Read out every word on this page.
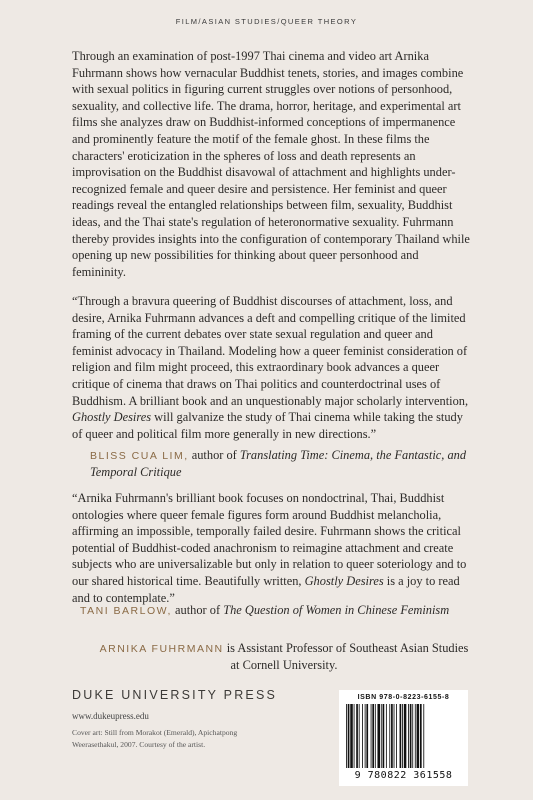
FILM/ASIAN STUDIES/QUEER THEORY

Through an examination of post-1997 Thai cinema and video art Arnika Fuhrmann shows how vernacular Buddhist tenets, stories, and images combine with sexual politics in figuring current struggles over notions of personhood, sexuality, and collective life. The drama, horror, heritage, and experimental art films she analyzes draw on Buddhist-informed conceptions of impermanence and prominently feature the motif of the female ghost. In these films the characters' eroticization in the spheres of loss and death represents an improvisation on the Buddhist disavowal of attachment and highlights under-recognized female and queer desire and persistence. Her feminist and queer readings reveal the entangled relationships between film, sexuality, Buddhist ideas, and the Thai state's regulation of heteronormative sexuality. Fuhrmann thereby provides insights into the configuration of contemporary Thailand while opening up new possibilities for thinking about queer personhood and femininity.

“Through a bravura queering of Buddhist discourses of attachment, loss, and desire, Arnika Fuhrmann advances a deft and compelling critique of the limited framing of the current debates over state sexual regulation and queer and feminist advocacy in Thailand. Modeling how a queer feminist consideration of religion and film might proceed, this extraordinary book advances a queer critique of cinema that draws on Thai politics and counterdoctrinal uses of Buddhism. A brilliant book and an unquestionably major scholarly intervention, Ghostly Desires will galvanize the study of Thai cinema while taking the study of queer and political film more generally in new directions.”

BLISS CUA LIM, author of Translating Time: Cinema, the Fantastic, and Temporal Critique

“Arnika Fuhrmann's brilliant book focuses on nondoctrinal, Thai, Buddhist ontologies where queer female figures form around Buddhist melancholia, affirming an impossible, temporally failed desire. Fuhrmann shows the critical potential of Buddhist-coded anachronism to reimagine attachment and create subjects who are universalizable but only in relation to queer soteriology and to our shared historical time. Beautifully written, Ghostly Desires is a joy to read and to contemplate.”

TANI BARLOW, author of The Question of Women in Chinese Feminism
ARNIKA FUHRMANN is Assistant Professor of Southeast Asian Studies at Cornell University.
DUKE UNIVERSITY PRESS
www.dukeupress.edu
Cover art: Still from Morakot (Emerald), Apichatpong Weerasethakul, 2007. Courtesy of the artist.
ISBN 978-0-8223-6155-8
9 780822 361558
